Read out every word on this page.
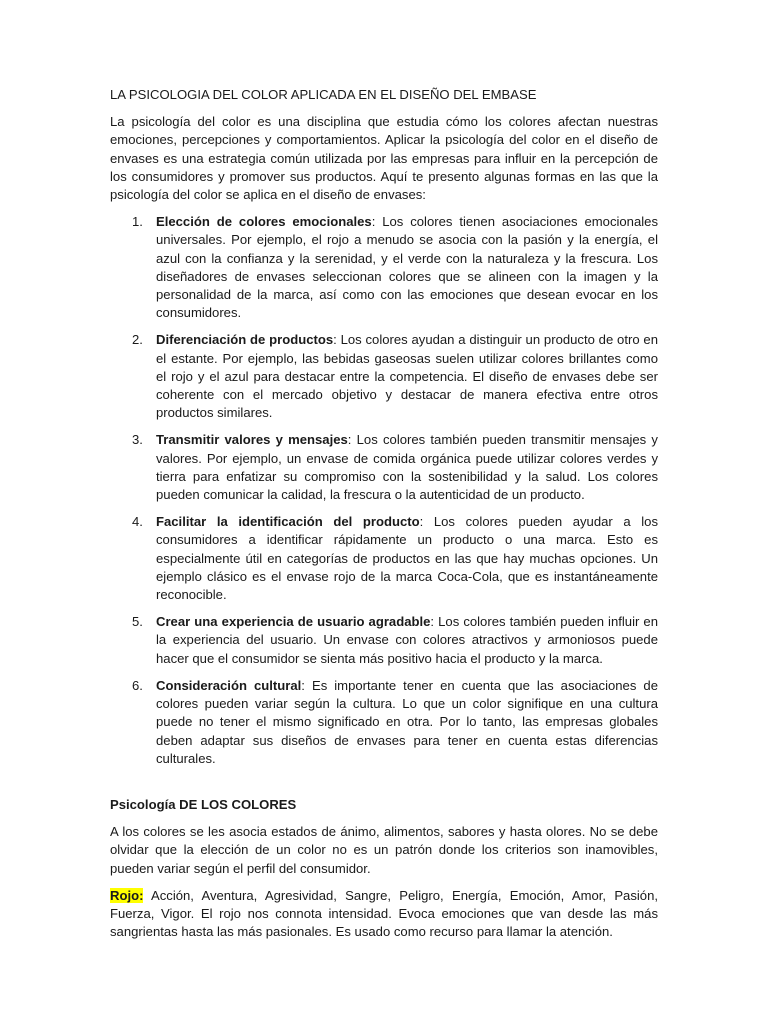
LA PSICOLOGIA DEL COLOR APLICADA EN EL DISEÑO DEL EMBASE

La psicología del color es una disciplina que estudia cómo los colores afectan nuestras emociones, percepciones y comportamientos. Aplicar la psicología del color en el diseño de envases es una estrategia común utilizada por las empresas para influir en la percepción de los consumidores y promover sus productos. Aquí te presento algunas formas en las que la psicología del color se aplica en el diseño de envases:

1. Elección de colores emocionales: Los colores tienen asociaciones emocionales universales. Por ejemplo, el rojo a menudo se asocia con la pasión y la energía, el azul con la confianza y la serenidad, y el verde con la naturaleza y la frescura. Los diseñadores de envases seleccionan colores que se alineen con la imagen y la personalidad de la marca, así como con las emociones que desean evocar en los consumidores.
2. Diferenciación de productos: Los colores ayudan a distinguir un producto de otro en el estante. Por ejemplo, las bebidas gaseosas suelen utilizar colores brillantes como el rojo y el azul para destacar entre la competencia. El diseño de envases debe ser coherente con el mercado objetivo y destacar de manera efectiva entre otros productos similares.
3. Transmitir valores y mensajes: Los colores también pueden transmitir mensajes y valores. Por ejemplo, un envase de comida orgánica puede utilizar colores verdes y tierra para enfatizar su compromiso con la sostenibilidad y la salud. Los colores pueden comunicar la calidad, la frescura o la autenticidad de un producto.
4. Facilitar la identificación del producto: Los colores pueden ayudar a los consumidores a identificar rápidamente un producto o una marca. Esto es especialmente útil en categorías de productos en las que hay muchas opciones. Un ejemplo clásico es el envase rojo de la marca Coca-Cola, que es instantáneamente reconocible.
5. Crear una experiencia de usuario agradable: Los colores también pueden influir en la experiencia del usuario. Un envase con colores atractivos y armoniosos puede hacer que el consumidor se sienta más positivo hacia el producto y la marca.
6. Consideración cultural: Es importante tener en cuenta que las asociaciones de colores pueden variar según la cultura. Lo que un color signifique en una cultura puede no tener el mismo significado en otra. Por lo tanto, las empresas globales deben adaptar sus diseños de envases para tener en cuenta estas diferencias culturales.
Psicología DE LOS COLORES

A los colores se les asocia estados de ánimo, alimentos, sabores y hasta olores. No se debe olvidar que la elección de un color no es un patrón donde los criterios son inamovibles, pueden variar según el perfil del consumidor.

Rojo: Acción, Aventura, Agresividad, Sangre, Peligro, Energía, Emoción, Amor, Pasión, Fuerza, Vigor. El rojo nos connota intensidad. Evoca emociones que van desde las más sangrientas hasta las más pasionales. Es usado como recurso para llamar la atención.
